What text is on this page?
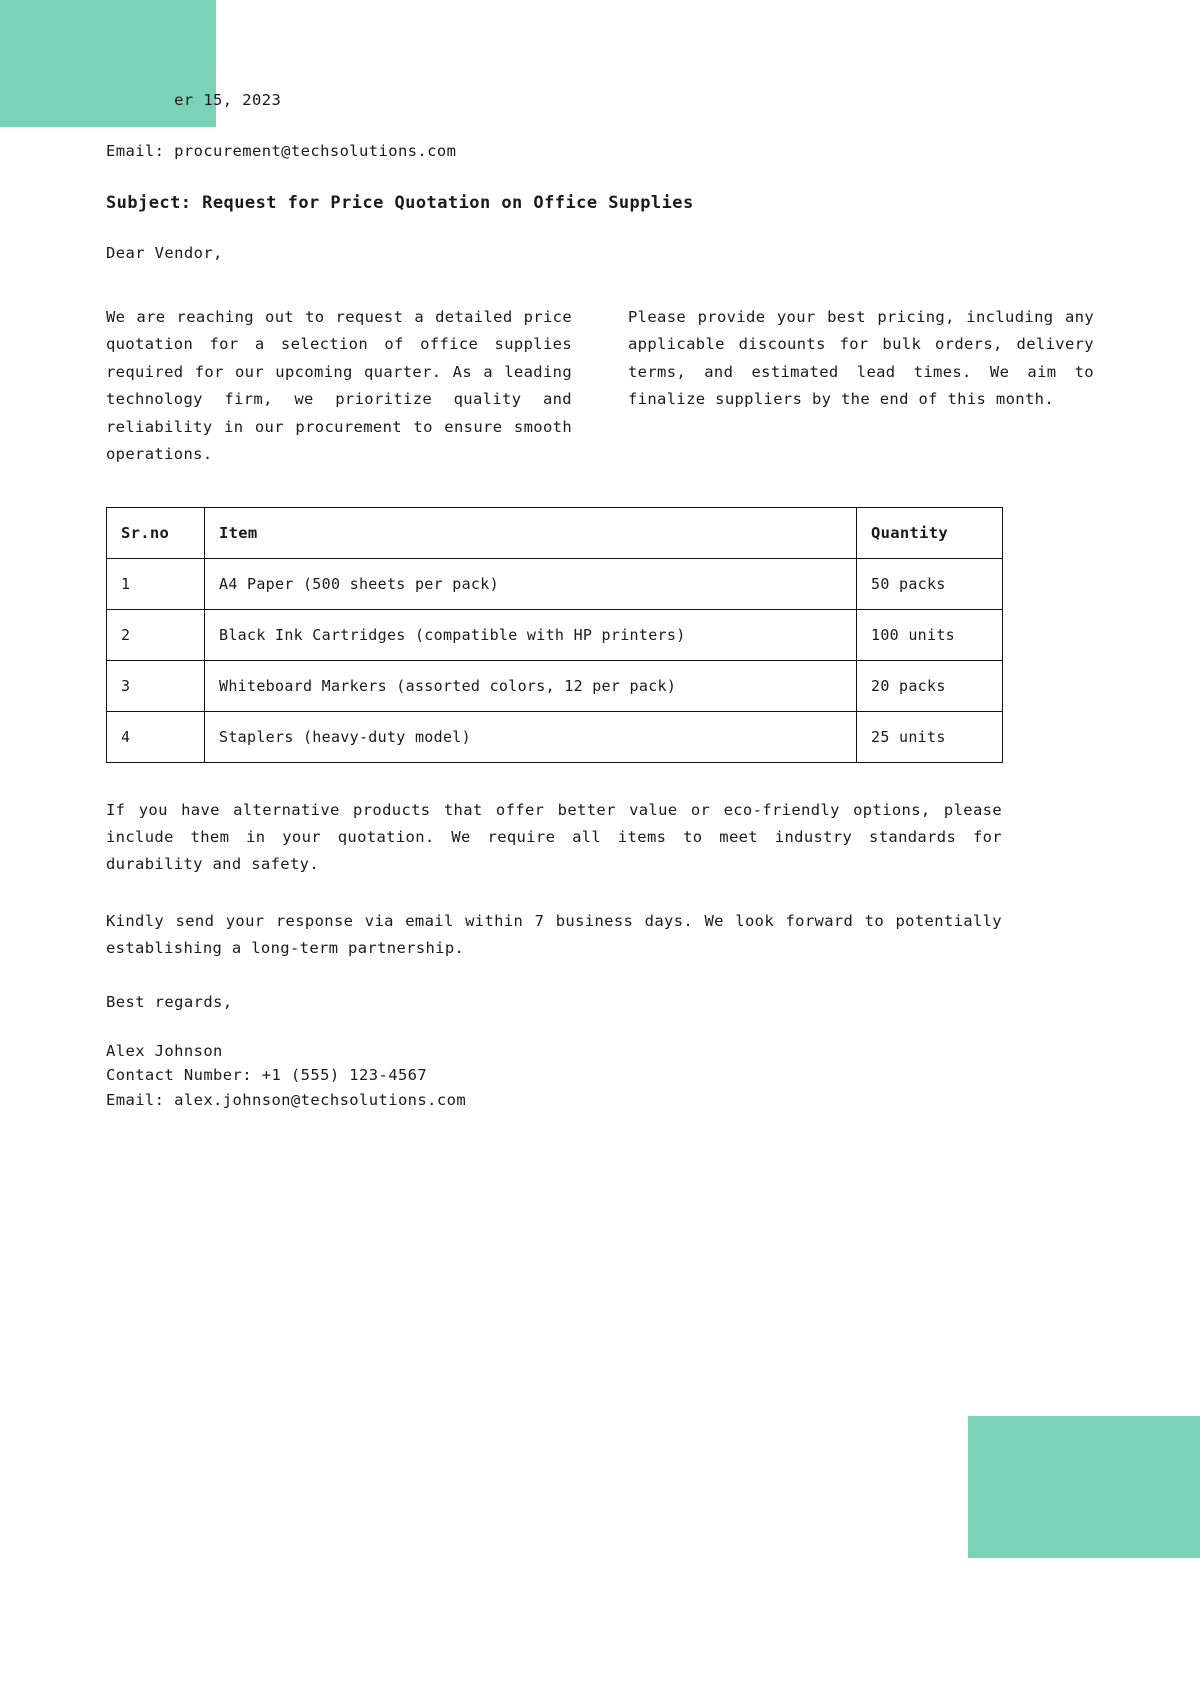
er 15, 2023

Email: procurement@techsolutions.com

Subject: Request for Price Quotation on Office Supplies

Dear Vendor,

We are reaching out to request a detailed price quotation for a selection of office supplies required for our upcoming quarter. As a leading technology firm, we prioritize quality and reliability in our procurement to ensure smooth operations.
Please provide your best pricing, including any applicable discounts for bulk orders, delivery terms, and estimated lead times. We aim to finalize suppliers by the end of this month.
Sr.no	Item	Quantity
1	A4 Paper (500 sheets per pack)	50 packs
2	Black Ink Cartridges (compatible with HP printers)	100 units
3	Whiteboard Markers (assorted colors, 12 per pack)	20 packs
4	Staplers (heavy-duty model)	25 units

If you have alternative products that offer better value or eco-friendly options, please include them in your quotation. We require all items to meet industry standards for durability and safety.

Kindly send your response via email within 7 business days. We look forward to potentially establishing a long-term partnership.

Best regards,

Alex Johnson
Contact Number: +1 (555) 123-4567
Email: alex.johnson@techsolutions.com
